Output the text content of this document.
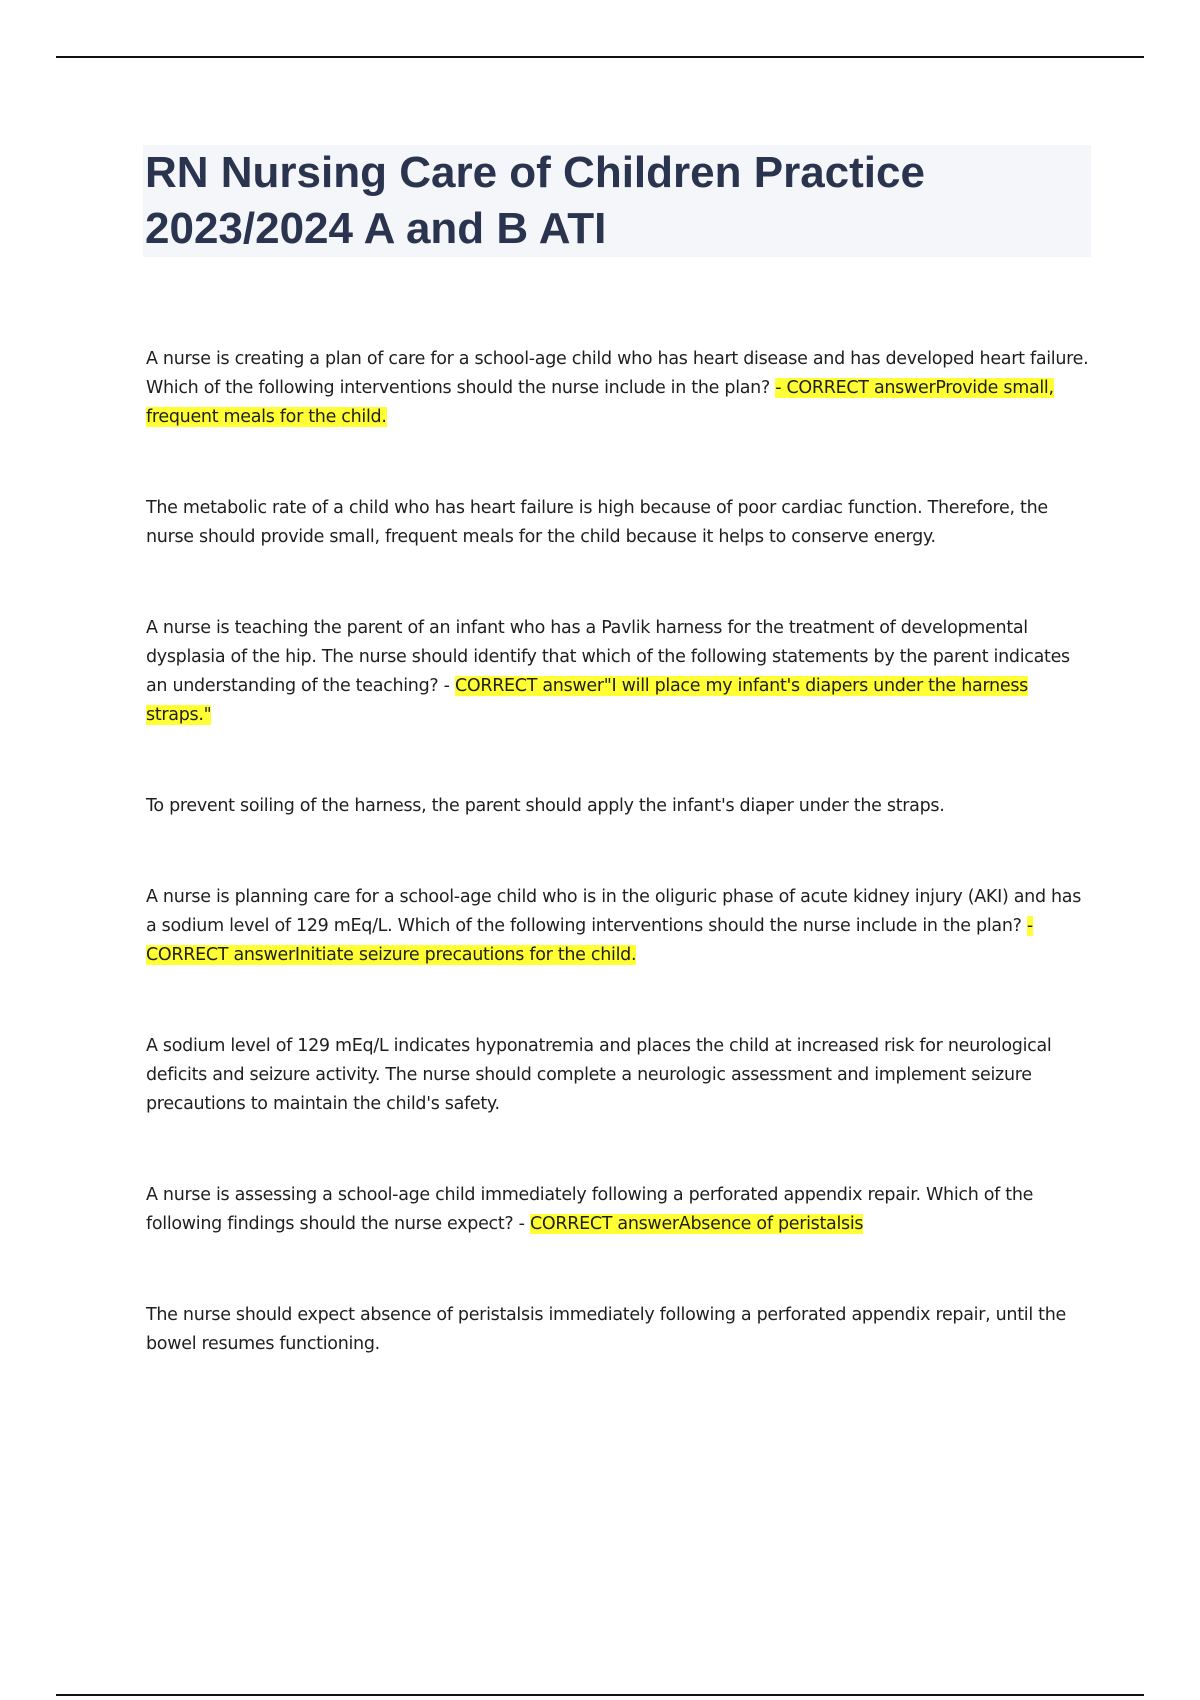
RN Nursing Care of Children Practice 2023/2024 A and B ATI

A nurse is creating a plan of care for a school-age child who has heart disease and has developed heart failure. Which of the following interventions should the nurse include in the plan? - CORRECT answerProvide small, frequent meals for the child.

The metabolic rate of a child who has heart failure is high because of poor cardiac function. Therefore, the nurse should provide small, frequent meals for the child because it helps to conserve energy.

A nurse is teaching the parent of an infant who has a Pavlik harness for the treatment of developmental dysplasia of the hip. The nurse should identify that which of the following statements by the parent indicates an understanding of the teaching? - CORRECT answer"I will place my infant's diapers under the harness straps."

To prevent soiling of the harness, the parent should apply the infant's diaper under the straps.

A nurse is planning care for a school-age child who is in the oliguric phase of acute kidney injury (AKI) and has a sodium level of 129 mEq/L. Which of the following interventions should the nurse include in the plan? - CORRECT answerInitiate seizure precautions for the child.

A sodium level of 129 mEq/L indicates hyponatremia and places the child at increased risk for neurological deficits and seizure activity. The nurse should complete a neurologic assessment and implement seizure precautions to maintain the child's safety.

A nurse is assessing a school-age child immediately following a perforated appendix repair. Which of the following findings should the nurse expect? - CORRECT answerAbsence of peristalsis

The nurse should expect absence of peristalsis immediately following a perforated appendix repair, until the bowel resumes functioning.
